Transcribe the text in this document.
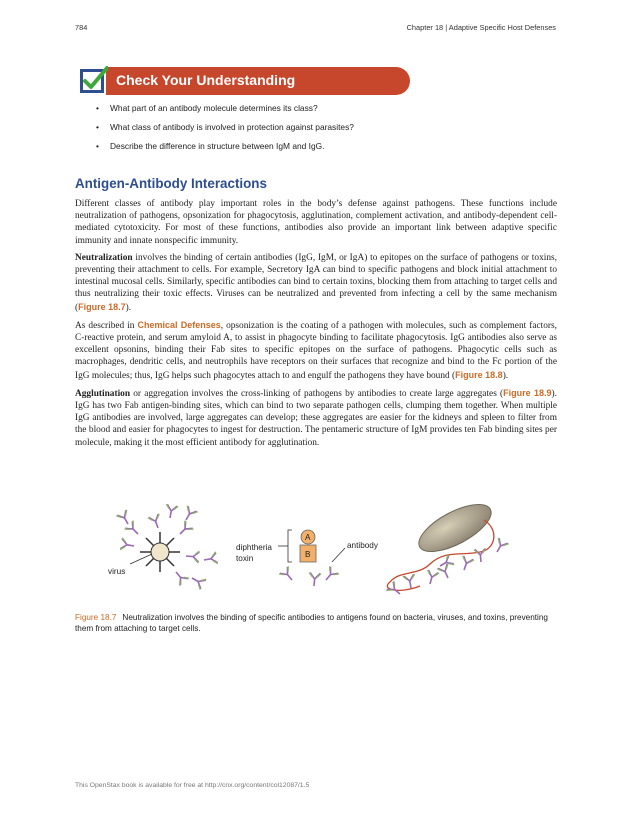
784	Chapter 18 | Adaptive Specific Host Defenses
Check Your Understanding
• What part of an antibody molecule determines its class?
• What class of antibody is involved in protection against parasites?
• Describe the difference in structure between IgM and IgG.
Antigen-Antibody Interactions

Different classes of antibody play important roles in the body’s defense against pathogens. These functions include neutralization of pathogens, opsonization for phagocytosis, agglutination, complement activation, and antibody-dependent cell-mediated cytotoxicity. For most of these functions, antibodies also provide an important link between adaptive specific immunity and innate nonspecific immunity.

Neutralization involves the binding of certain antibodies (IgG, IgM, or IgA) to epitopes on the surface of pathogens or toxins, preventing their attachment to cells. For example, Secretory IgA can bind to specific pathogens and block initial attachment to intestinal mucosal cells. Similarly, specific antibodies can bind to certain toxins, blocking them from attaching to target cells and thus neutralizing their toxic effects. Viruses can be neutralized and prevented from infecting a cell by the same mechanism (Figure 18.7).

As described in Chemical Defenses, opsonization is the coating of a pathogen with molecules, such as complement factors, C-reactive protein, and serum amyloid A, to assist in phagocyte binding to facilitate phagocytosis. IgG antibodies also serve as excellent opsonins, binding their Fab sites to specific epitopes on the surface of pathogens. Phagocytic cells such as macrophages, dendritic cells, and neutrophils have receptors on their surfaces that recognize and bind to the Fc portion of the IgG molecules; thus, IgG helps such phagocytes attach to and engulf the pathogens they have bound (Figure 18.8).

Agglutination or aggregation involves the cross-linking of pathogens by antibodies to create large aggregates (Figure 18.9). IgG has two Fab antigen-binding sites, which can bind to two separate pathogen cells, clumping them together. When multiple IgG antibodies are involved, large aggregates can develop; these aggregates are easier for the kidneys and spleen to filter from the blood and easier for phagocytes to ingest for destruction. The pentameric structure of IgM provides ten Fab binding sites per molecule, making it the most efficient antibody for agglutination.

virus
diphtheria
toxin
A
B
antibody
Figure 18.7 Neutralization involves the binding of specific antibodies to antigens found on bacteria, viruses, and toxins, preventing them from attaching to target cells.
This OpenStax book is available for free at http://cnx.org/content/col12087/1.5
